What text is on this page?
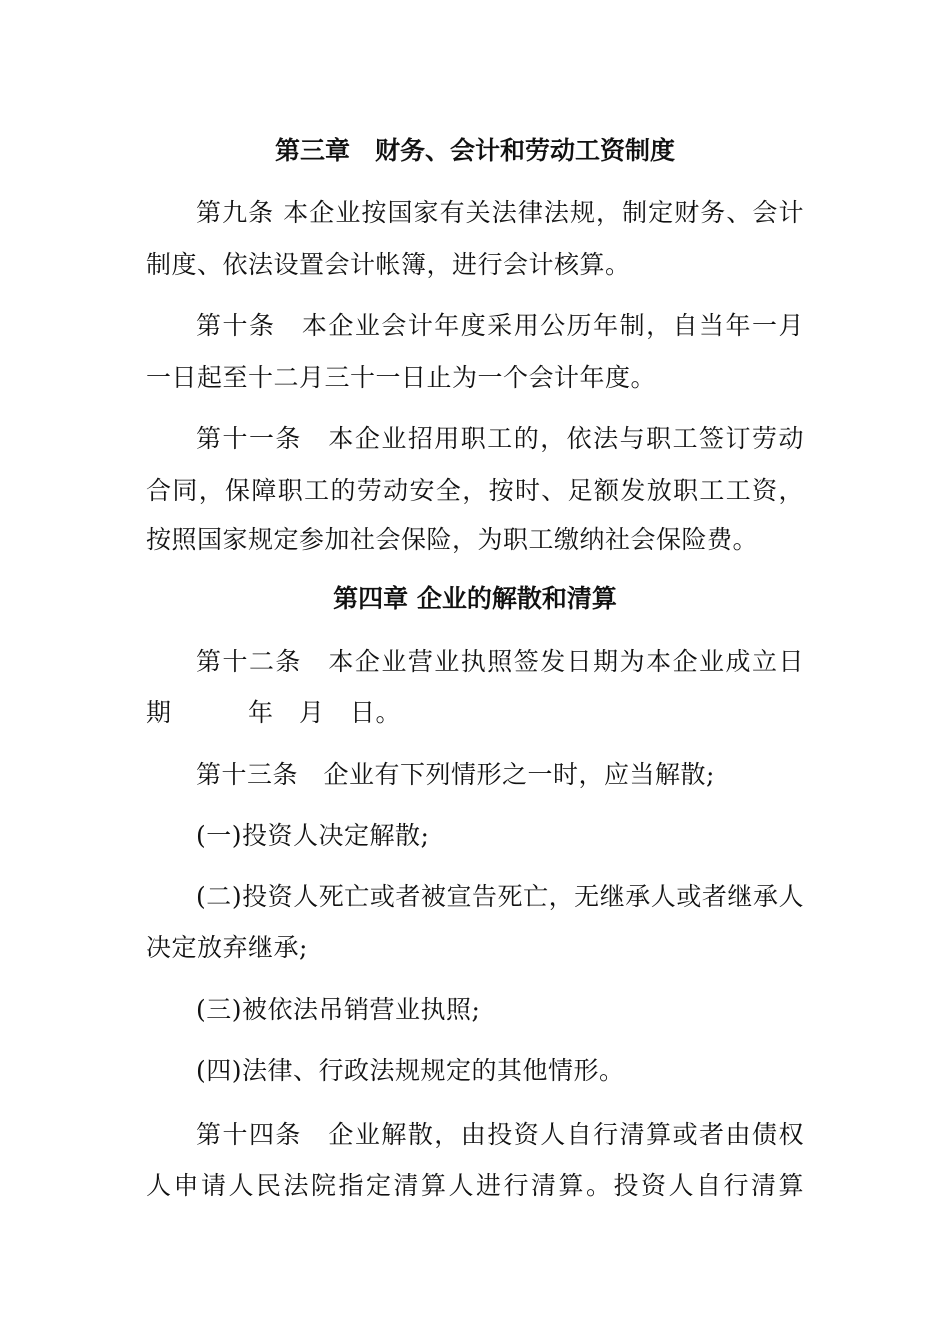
第三章　财务、会计和劳动工资制度
第九条 本企业按国家有关法律法规，制定财务、会计
制度、依法设置会计帐簿，进行会计核算。
第十条　本企业会计年度采用公历年制，自当年一月
一日起至十二月三十一日止为一个会计年度。
第十一条　本企业招用职工的，依法与职工签订劳动
合同，保障职工的劳动安全，按时、足额发放职工工资，
按照国家规定参加社会保险，为职工缴纳社会保险费。
第四章 企业的解散和清算
第十二条　本企业营业执照签发日期为本企业成立日
期　　　年　月　日。
第十三条　企业有下列情形之一时，应当解散;
(一)投资人决定解散;
(二)投资人死亡或者被宣告死亡，无继承人或者继承人
决定放弃继承;
(三)被依法吊销营业执照;
(四)法律、行政法规规定的其他情形。
第十四条　企业解散，由投资人自行清算或者由债权
人申请人民法院指定清算人进行清算。投资人自行清算
